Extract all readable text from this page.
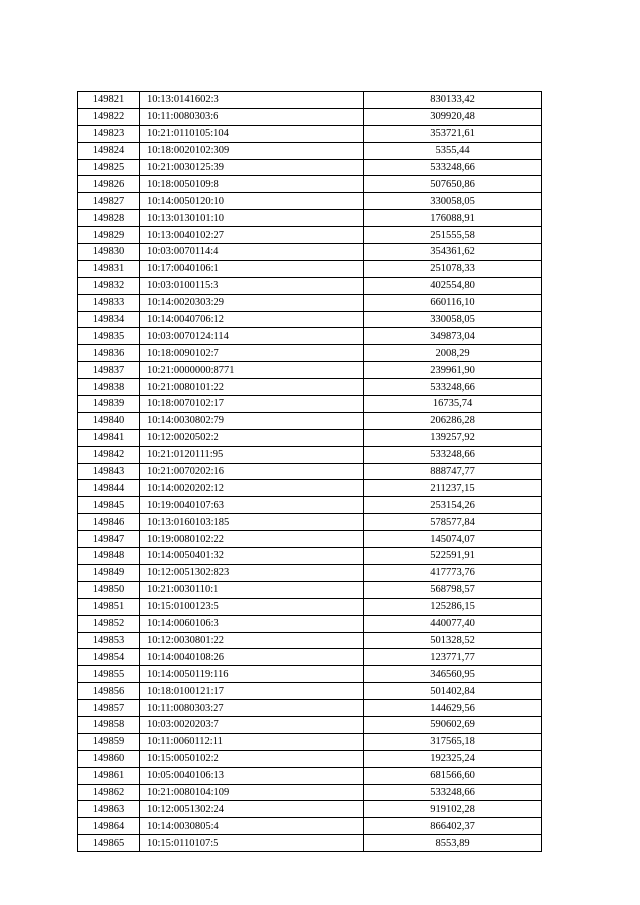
149821	10:13:0141602:3	830133,42
149822	10:11:0080303:6	309920,48
149823	10:21:0110105:104	353721,61
149824	10:18:0020102:309	5355,44
149825	10:21:0030125:39	533248,66
149826	10:18:0050109:8	507650,86
149827	10:14:0050120:10	330058,05
149828	10:13:0130101:10	176088,91
149829	10:13:0040102:27	251555,58
149830	10:03:0070114:4	354361,62
149831	10:17:0040106:1	251078,33
149832	10:03:0100115:3	402554,80
149833	10:14:0020303:29	660116,10
149834	10:14:0040706:12	330058,05
149835	10:03:0070124:114	349873,04
149836	10:18:0090102:7	2008,29
149837	10:21:0000000:8771	239961,90
149838	10:21:0080101:22	533248,66
149839	10:18:0070102:17	16735,74
149840	10:14:0030802:79	206286,28
149841	10:12:0020502:2	139257,92
149842	10:21:0120111:95	533248,66
149843	10:21:0070202:16	888747,77
149844	10:14:0020202:12	211237,15
149845	10:19:0040107:63	253154,26
149846	10:13:0160103:185	578577,84
149847	10:19:0080102:22	145074,07
149848	10:14:0050401:32	522591,91
149849	10:12:0051302:823	417773,76
149850	10:21:0030110:1	568798,57
149851	10:15:0100123:5	125286,15
149852	10:14:0060106:3	440077,40
149853	10:12:0030801:22	501328,52
149854	10:14:0040108:26	123771,77
149855	10:14:0050119:116	346560,95
149856	10:18:0100121:17	501402,84
149857	10:11:0080303:27	144629,56
149858	10:03:0020203:7	590602,69
149859	10:11:0060112:11	317565,18
149860	10:15:0050102:2	192325,24
149861	10:05:0040106:13	681566,60
149862	10:21:0080104:109	533248,66
149863	10:12:0051302:24	919102,28
149864	10:14:0030805:4	866402,37
149865	10:15:0110107:5	8553,89
